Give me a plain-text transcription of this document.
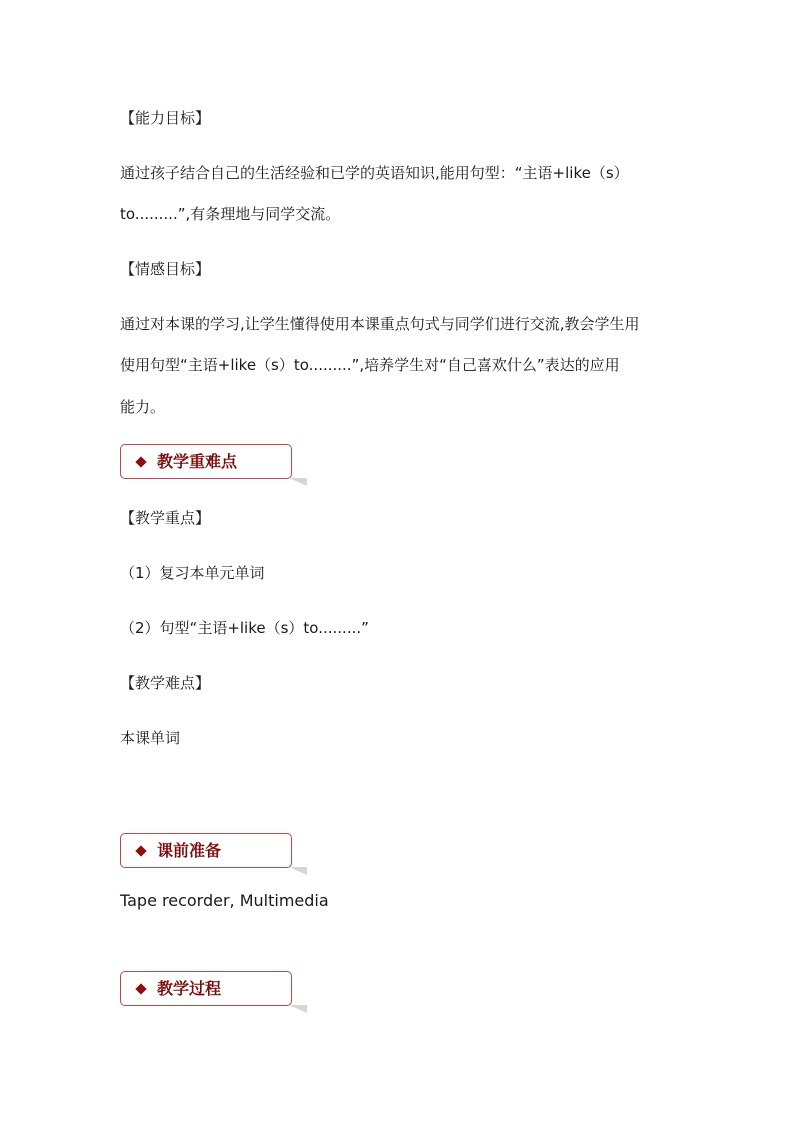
【能力目标】
通过孩子结合自己的生活经验和已学的英语知识,能用句型：“主语+like（s）
to.........”,有条理地与同学交流。
【情感目标】
通过对本课的学习,让学生懂得使用本课重点句式与同学们进行交流,教会学生用
使用句型“主语+like（s）to.........”,培养学生对“自己喜欢什么”表达的应用
能力。
教学重难点
【教学重点】
（1）复习本单元单词
（2）句型“主语+like（s）to.........”
【教学难点】
本课单词
课前准备
Tape recorder, Multimedia
教学过程
